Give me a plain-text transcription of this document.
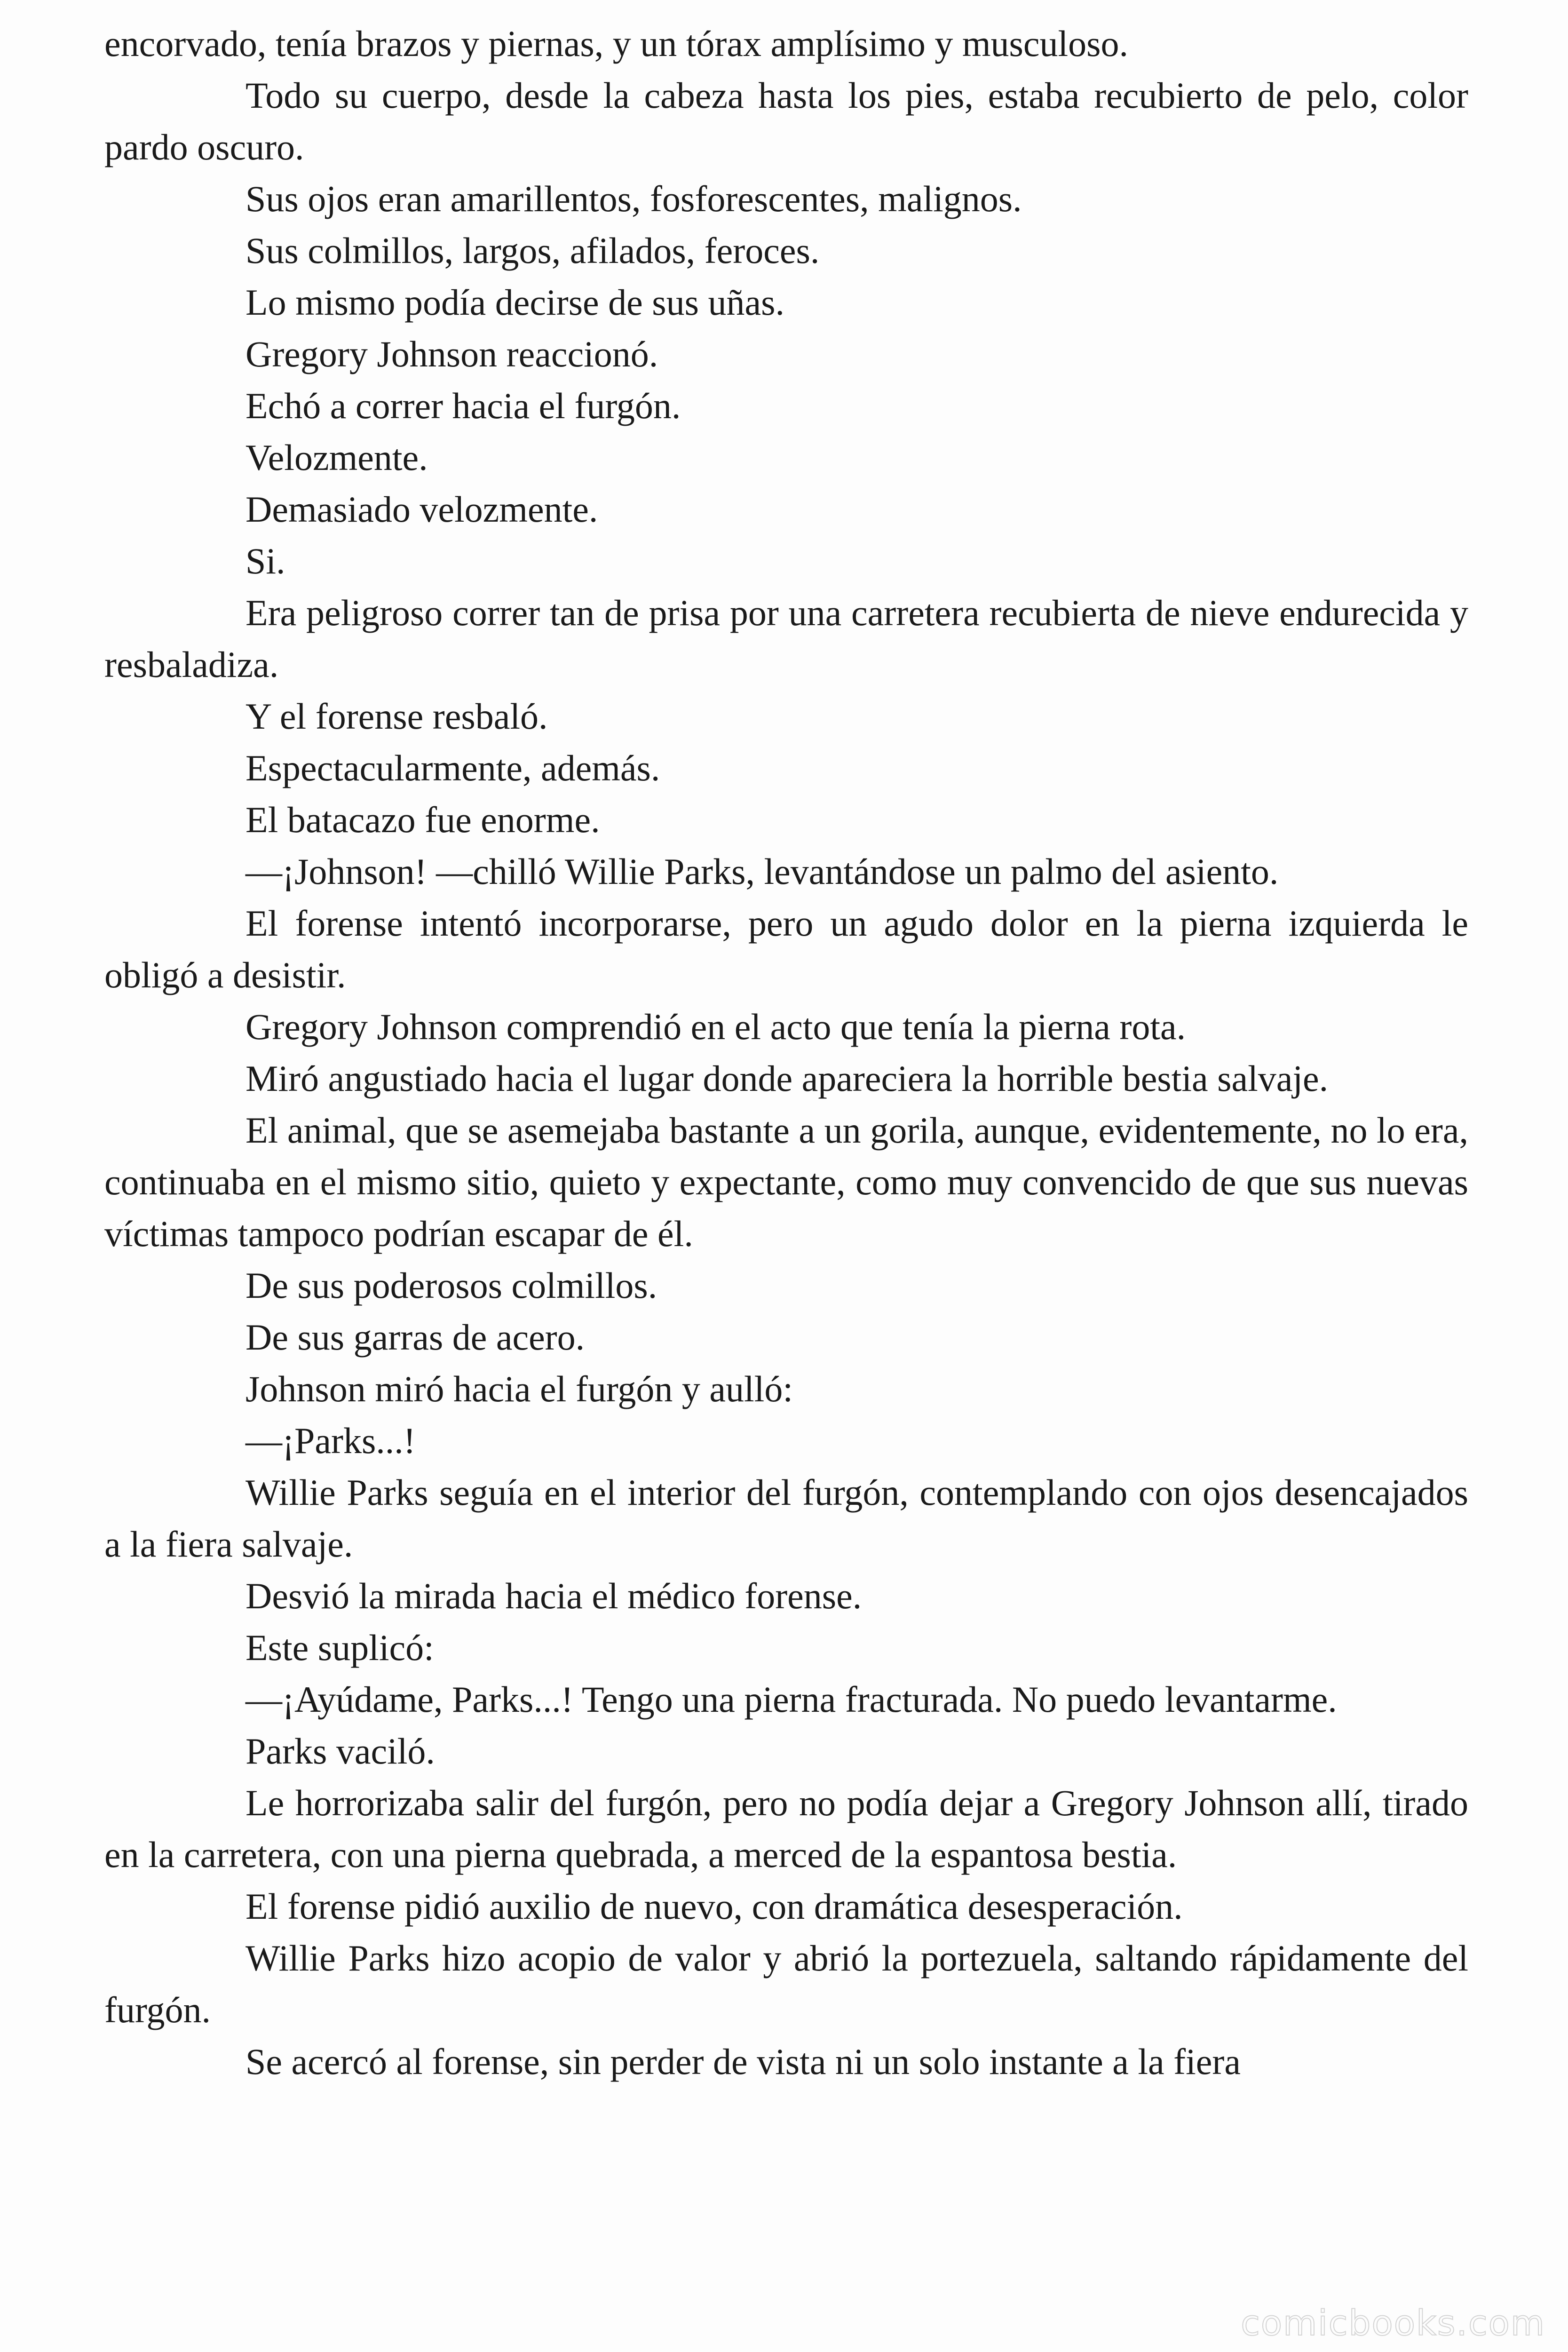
encorvado, tenía brazos y piernas, y un tórax amplísimo y musculoso.

Todo su cuerpo, desde la cabeza hasta los pies, estaba recubierto de pelo, color pardo oscuro.

Sus ojos eran amarillentos, fosforescentes, malignos.

Sus colmillos, largos, afilados, feroces.

Lo mismo podía decirse de sus uñas.

Gregory Johnson reaccionó.

Echó a correr hacia el furgón.

Velozmente.

Demasiado velozmente.

Si.

Era peligroso correr tan de prisa por una carretera recubierta de nieve endurecida y resbaladiza.

Y el forense resbaló.

Espectacularmente, además.

El batacazo fue enorme.

—¡Johnson! —chilló Willie Parks, levantándose un palmo del asiento.

El forense intentó incorporarse, pero un agudo dolor en la pierna izquierda le obligó a desistir.

Gregory Johnson comprendió en el acto que tenía la pierna rota.

Miró angustiado hacia el lugar donde apareciera la horrible bestia salvaje.

El animal, que se asemejaba bastante a un gorila, aunque, evidentemente, no lo era, continuaba en el mismo sitio, quieto y expectante, como muy convencido de que sus nuevas víctimas tampoco podrían escapar de él.

De sus poderosos colmillos.

De sus garras de acero.

Johnson miró hacia el furgón y aulló:

—¡Parks...!

Willie Parks seguía en el interior del furgón, contemplando con ojos desencajados a la fiera salvaje.

Desvió la mirada hacia el médico forense.

Este suplicó:

—¡Ayúdame, Parks...! Tengo una pierna fracturada. No puedo levantarme.

Parks vaciló.

Le horrorizaba salir del furgón, pero no podía dejar a Gregory Johnson allí, tirado en la carretera, con una pierna quebrada, a merced de la espantosa bestia.

El forense pidió auxilio de nuevo, con dramática desesperación.

Willie Parks hizo acopio de valor y abrió la portezuela, saltando rápidamente del furgón.

Se acercó al forense, sin perder de vista ni un solo instante a la fiera

comicbooks.com
